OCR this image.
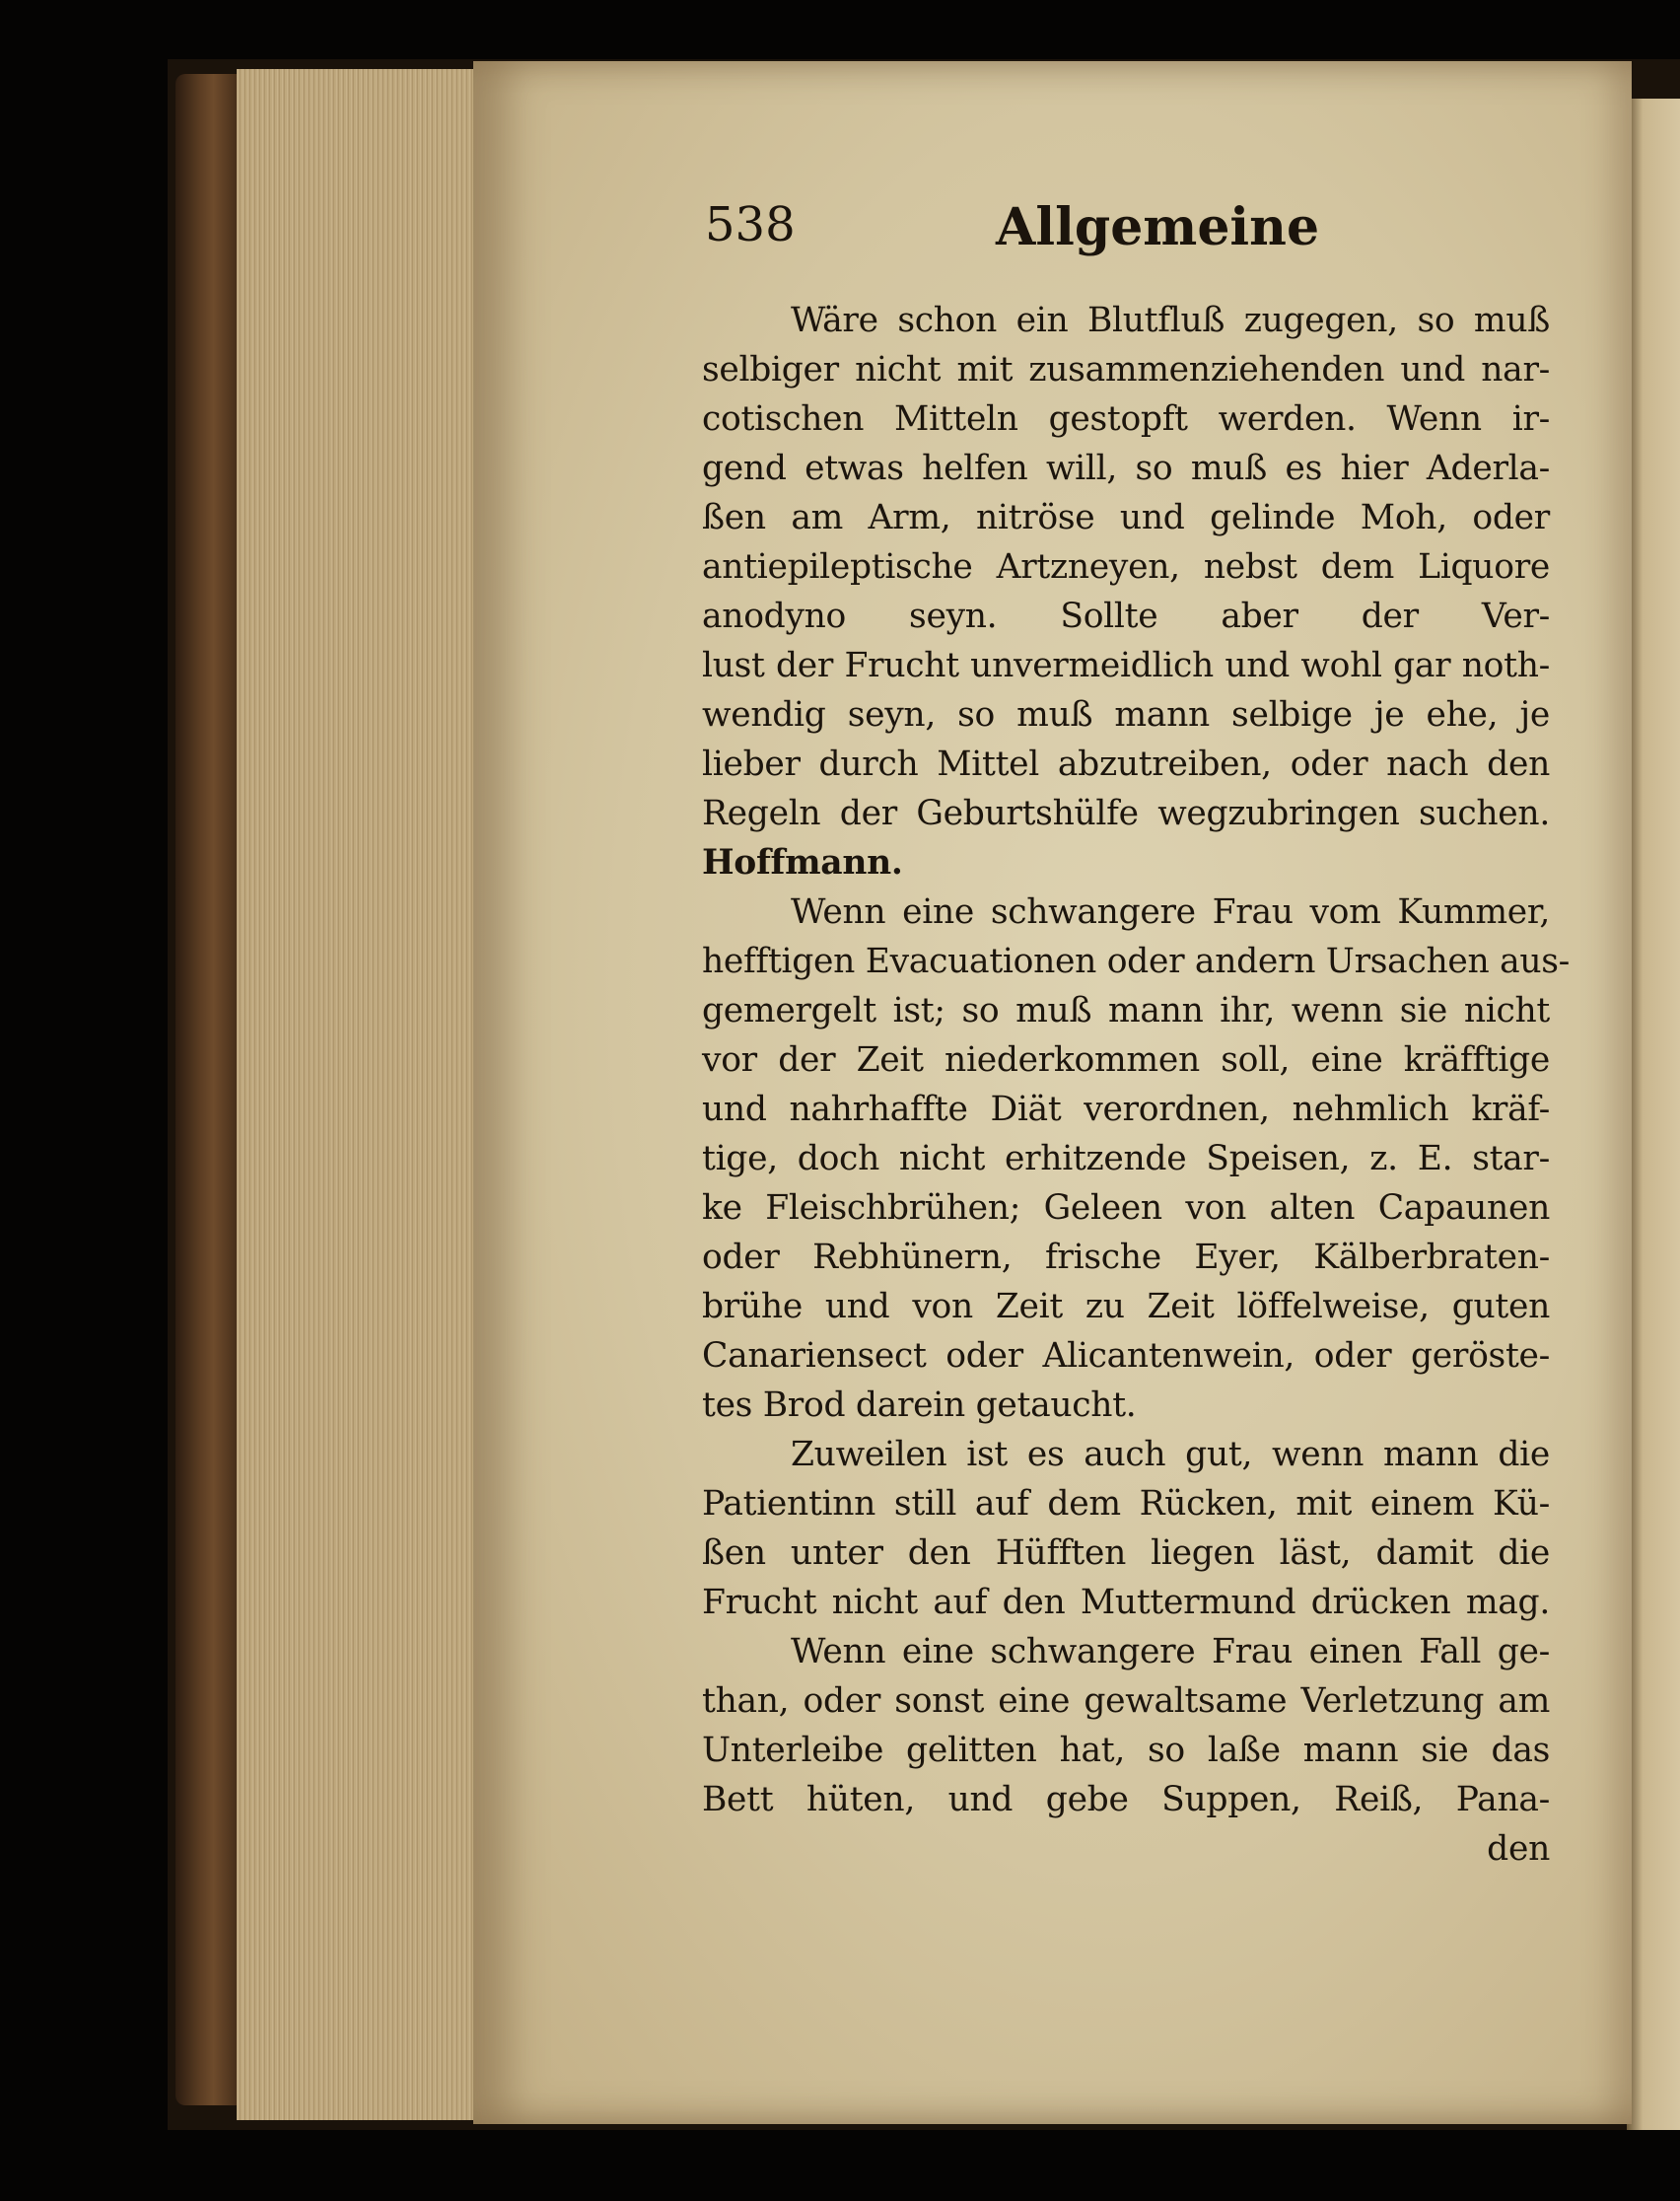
538	Allgemeine
Wäre schon ein Blutfluß zugegen, so muß
selbiger nicht mit zusammenziehenden und nar-
cotischen Mitteln gestopft werden. Wenn ir-
gend etwas helfen will, so muß es hier Aderla-
ßen am Arm, nitröse und gelinde Moh, oder
antiepileptische Artzneyen, nebst dem Liquore
anodyno seyn. Sollte aber der Ver-
lust der Frucht unvermeidlich und wohl gar noth-
wendig seyn, so muß mann selbige je ehe, je
lieber durch Mittel abzutreiben, oder nach den
Regeln der Geburtshülfe wegzubringen suchen.
Hoffmann.
Wenn eine schwangere Frau vom Kummer,
hefftigen Evacuationen oder andern Ursachen aus-
gemergelt ist; so muß mann ihr, wenn sie nicht
vor der Zeit niederkommen soll, eine kräfftige
und nahrhaffte Diät verordnen, nehmlich kräf-
tige, doch nicht erhitzende Speisen, z. E. star-
ke Fleischbrühen; Geleen von alten Capaunen
oder Rebhünern, frische Eyer, Kälberbraten-
brühe und von Zeit zu Zeit löffelweise, guten
Canariensect oder Alicantenwein, oder geröste-
tes Brod darein getaucht.
Zuweilen ist es auch gut, wenn mann die
Patientinn still auf dem Rücken, mit einem Kü-
ßen unter den Hüfften liegen läst, damit die
Frucht nicht auf den Muttermund drücken mag.
Wenn eine schwangere Frau einen Fall ge-
than, oder sonst eine gewaltsame Verletzung am
Unterleibe gelitten hat, so laße mann sie das
Bett hüten, und gebe Suppen, Reiß, Pana-
den
